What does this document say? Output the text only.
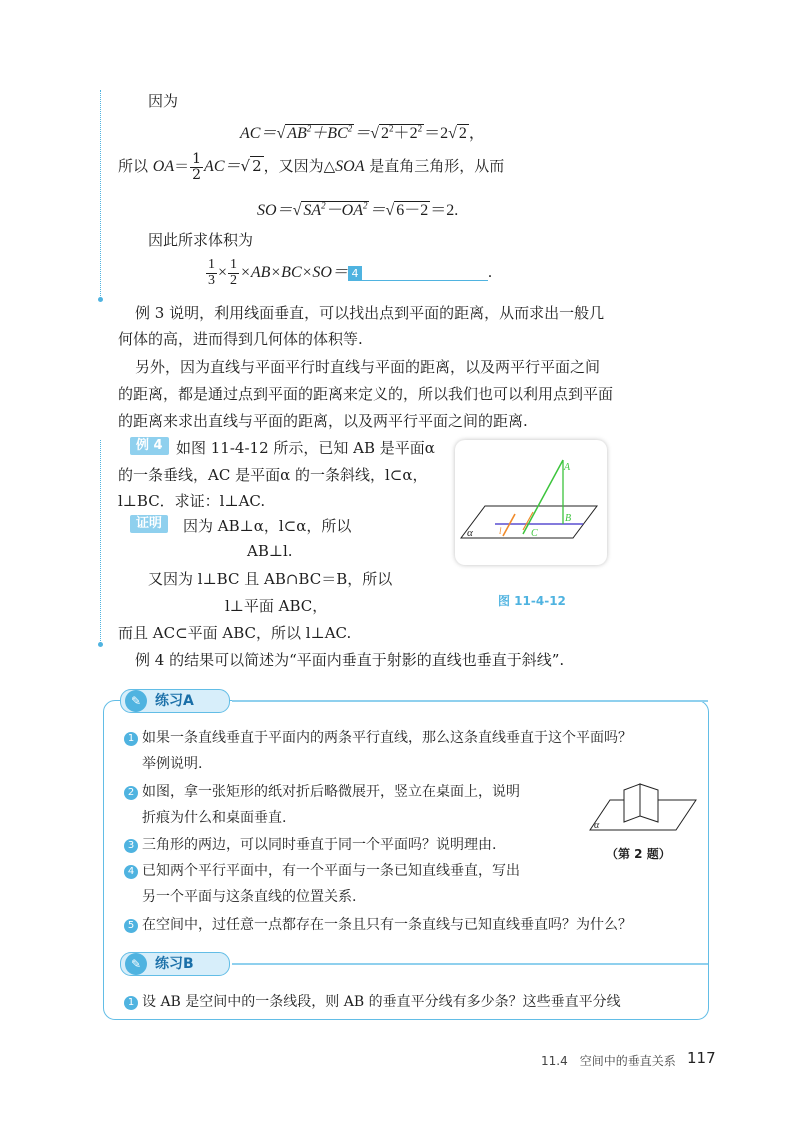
因为
AC＝√ $AB^2+BC^2$ ＝√ $2^2+2^2 =2√$ 2 ，
所以 $OA= \frac{1}{2} AC=√$ 2 ，又因为△SOA 是直角三角形，从而
SO＝√ $SA^2-OA^2$ ＝√ 6－2 ＝2.
因此所求体积为
$\frac{1}{3} \times \frac{1}{2} \times AB\times BC\times SO= 4$	.
例 3 说明，利用线面垂直，可以找出点到平面的距离，从而求出一般几
何体的高，进而得到几何体的体积等.
另外，因为直线与平面平行时直线与平面的距离，以及两平行平面之间
的距离，都是通过点到平面的距离来定义的，所以我们也可以利用点到平面
的距离来求出直线与平面的距离，以及两平行平面之间的距离.
例 4 如图 11-4-12 所示，已知 AB 是平面α
的一条垂线，AC 是平面α 的一条斜线，l⊂α，
l⊥BC．求证：l⊥AC.
证明	因为 AB⊥α，l⊂α，所以
AB⊥l.
又因为 l⊥BC 且 AB∩BC＝B，所以
l⊥平面 ABC，
而且 AC⊂平面 ABC，所以 l⊥AC.
例 4 的结果可以简述为“平面内垂直于射影的直线也垂直于斜线”.
A
B
C
α	l
图 11-4-12
✎ 练习A
1 如果一条直线垂直于平面内的两条平行直线，那么这条直线垂直于这个平面吗？
举例说明.
2 如图，拿一张矩形的纸对折后略微展开，竖立在桌面上，说明
折痕为什么和桌面垂直.
3 三角形的两边，可以同时垂直于同一个平面吗？说明理由.
4 已知两个平行平面中，有一个平面与一条已知直线垂直，写出
另一个平面与这条直线的位置关系.
5 在空间中，过任意一点都存在一条且只有一条直线与已知直线垂直吗？为什么？
α
（第 2 题）
✎ 练习B
1 设 AB 是空间中的一条线段，则 AB 的垂直平分线有多少条？这些垂直平分线
11.4　空间中的垂直关系 117
